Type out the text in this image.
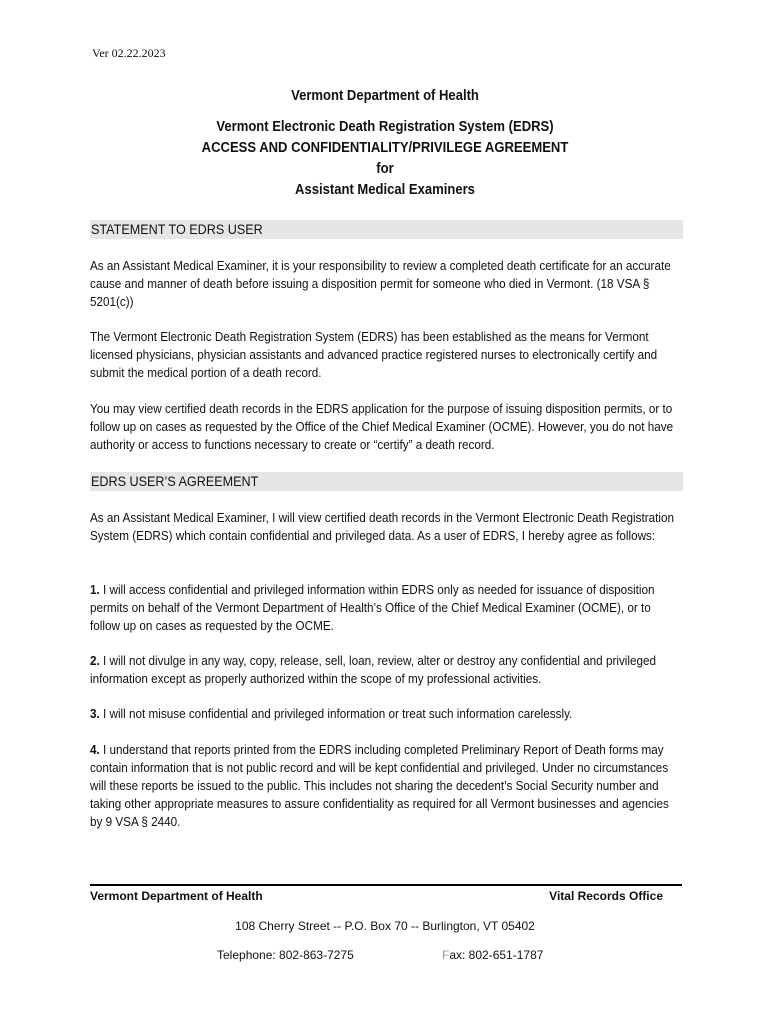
Ver 02.22.2023
Vermont Department of Health
Vermont Electronic Death Registration System (EDRS)
ACCESS AND CONFIDENTIALITY/PRIVILEGE AGREEMENT
for
Assistant Medical Examiners
STATEMENT TO EDRS USER
As an Assistant Medical Examiner, it is your responsibility to review a completed death certificate for an accurate cause and manner of death before issuing a disposition permit for someone who died in Vermont. (18 VSA § 5201(c))
The Vermont Electronic Death Registration System (EDRS) has been established as the means for Vermont licensed physicians, physician assistants and advanced practice registered nurses to electronically certify and submit the medical portion of a death record.
You may view certified death records in the EDRS application for the purpose of issuing disposition permits, or to follow up on cases as requested by the Office of the Chief Medical Examiner (OCME). However, you do not have authority or access to functions necessary to create or “certify” a death record.
EDRS USER’S AGREEMENT
As an Assistant Medical Examiner, I will view certified death records in the Vermont Electronic Death Registration System (EDRS) which contain confidential and privileged data. As a user of EDRS, I hereby agree as follows:
1. I will access confidential and privileged information within EDRS only as needed for issuance of disposition permits on behalf of the Vermont Department of Health’s Office of the Chief Medical Examiner (OCME), or to follow up on cases as requested by the OCME.
2. I will not divulge in any way, copy, release, sell, loan, review, alter or destroy any confidential and privileged information except as properly authorized within the scope of my professional activities.
3. I will not misuse confidential and privileged information or treat such information carelessly.
4. I understand that reports printed from the EDRS including completed Preliminary Report of Death forms may contain information that is not public record and will be kept confidential and privileged. Under no circumstances will these reports be issued to the public. This includes not sharing the decedent’s Social Security number and taking other appropriate measures to assure confidentiality as required for all Vermont businesses and agencies by 9 VSA § 2440.
Vermont Department of Health	Vital Records Office
108 Cherry Street -- P.O. Box 70 -- Burlington, VT 05402
Telephone: 802-863-7275	Fax: 802-651-1787
